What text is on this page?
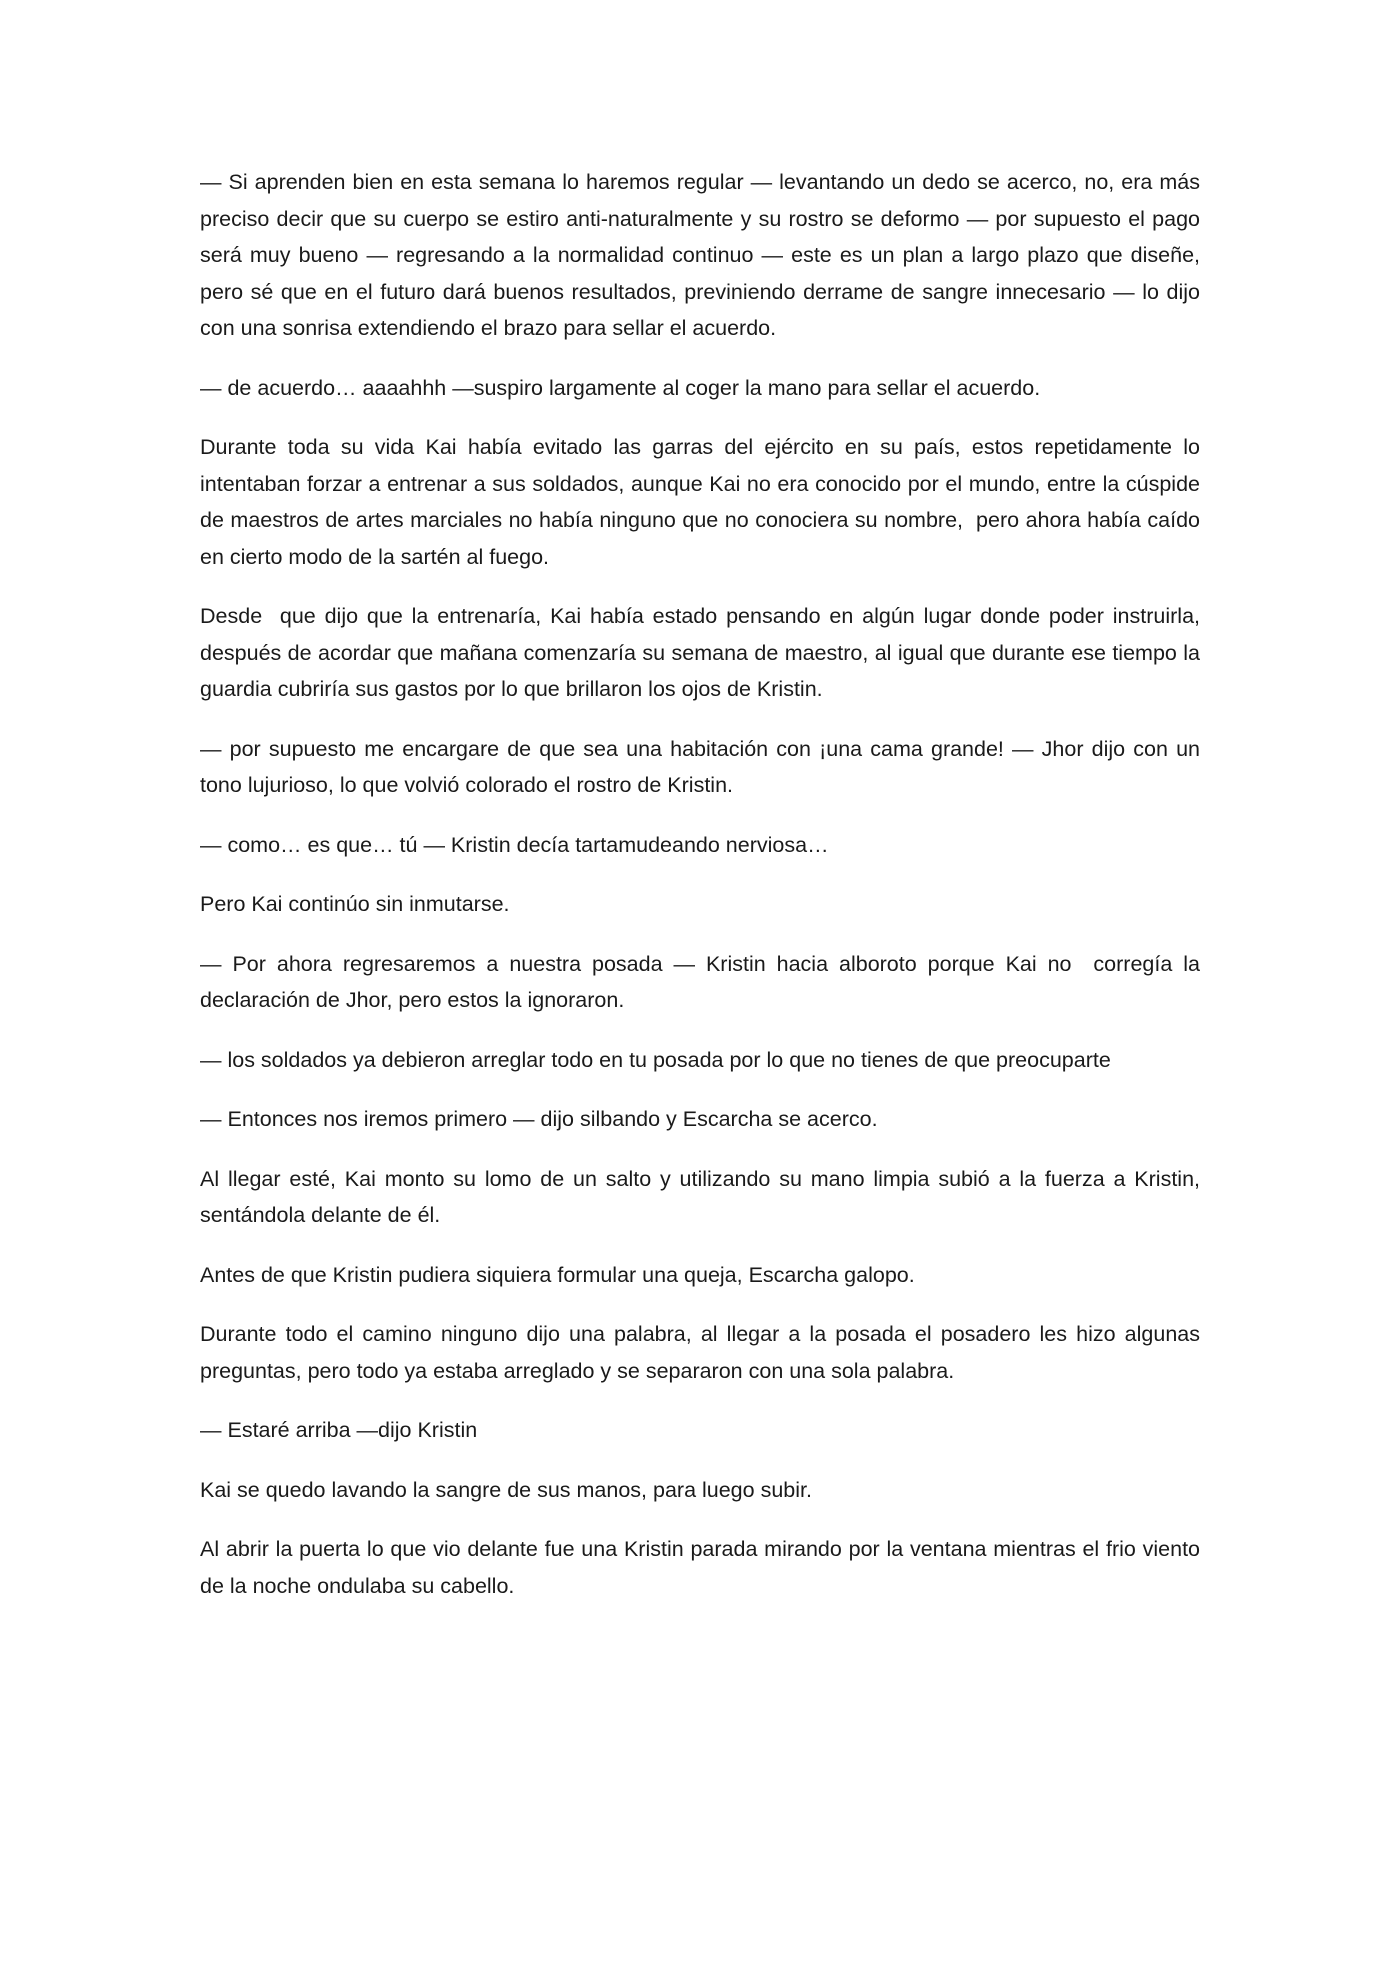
— Si aprenden bien en esta semana lo haremos regular — levantando un dedo se acerco, no, era más preciso decir que su cuerpo se estiro anti-naturalmente y su rostro se deformo — por supuesto el pago será muy bueno — regresando a la normalidad continuo — este es un plan a largo plazo que diseñe, pero sé que en el futuro dará buenos resultados, previniendo derrame de sangre innecesario — lo dijo con una sonrisa extendiendo el brazo para sellar el acuerdo.

— de acuerdo… aaaahhh —suspiro largamente al coger la mano para sellar el acuerdo.

Durante toda su vida Kai había evitado las garras del ejército en su país, estos repetidamente lo intentaban forzar a entrenar a sus soldados, aunque Kai no era conocido por el mundo, entre la cúspide de maestros de artes marciales no había ninguno que no conociera su nombre,  pero ahora había caído en cierto modo de la sartén al fuego.

Desde  que dijo que la entrenaría, Kai había estado pensando en algún lugar donde poder instruirla, después de acordar que mañana comenzaría su semana de maestro, al igual que durante ese tiempo la guardia cubriría sus gastos por lo que brillaron los ojos de Kristin.

— por supuesto me encargare de que sea una habitación con ¡una cama grande! — Jhor dijo con un tono lujurioso, lo que volvió colorado el rostro de Kristin.

— como… es que… tú — Kristin decía tartamudeando nerviosa…

Pero Kai continúo sin inmutarse.

— Por ahora regresaremos a nuestra posada — Kristin hacia alboroto porque Kai no  corregía la declaración de Jhor, pero estos la ignoraron.

— los soldados ya debieron arreglar todo en tu posada por lo que no tienes de que preocuparte

— Entonces nos iremos primero — dijo silbando y Escarcha se acerco.

Al llegar esté, Kai monto su lomo de un salto y utilizando su mano limpia subió a la fuerza a Kristin, sentándola delante de él.

Antes de que Kristin pudiera siquiera formular una queja, Escarcha galopo.

Durante todo el camino ninguno dijo una palabra, al llegar a la posada el posadero les hizo algunas preguntas, pero todo ya estaba arreglado y se separaron con una sola palabra.

— Estaré arriba —dijo Kristin

Kai se quedo lavando la sangre de sus manos, para luego subir.

Al abrir la puerta lo que vio delante fue una Kristin parada mirando por la ventana mientras el frio viento de la noche ondulaba su cabello.
